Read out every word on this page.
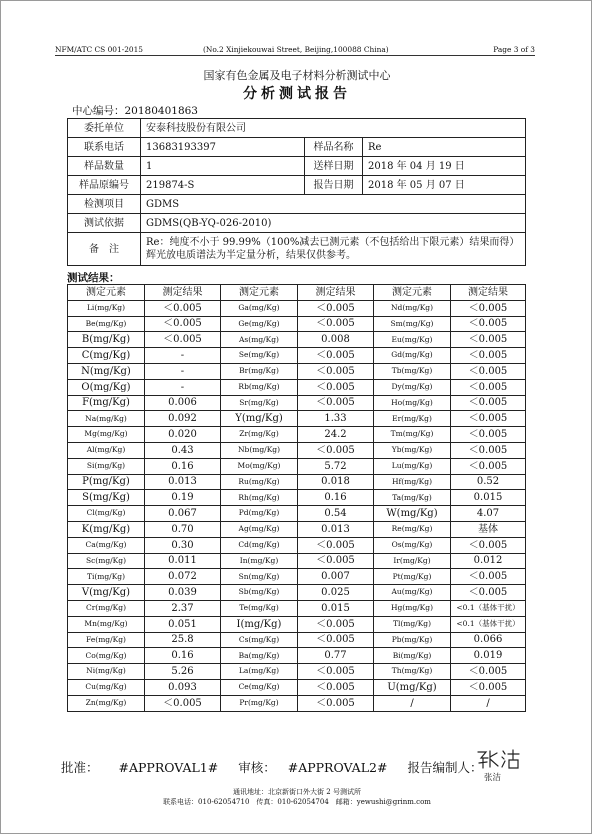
NFM/ATC CS 001-2015	(No.2 Xinjiekouwai Street, Beijing,100088 China)	Page 3 of 3
国家有色金属及电子材料分析测试中心
分析测试报告
中心编号：20180401863
委托单位	安泰科技股份有限公司		
联系电话	13683193397	样品名称	Re
样品数量	1	送样日期	2018 年 04 月 19 日
样品原编号	219874-S	报告日期	2018 年 05 月 07 日
检测项目	GDMS		
测试依据	GDMS(QB-YQ-026-2010)		
备　注	Re：纯度不小于 99.99%（100%减去已测元素（不包括给出下限元素）结果而得）　辉光放电质谱法为半定量分析，结果仅供参考。		
测试结果：
测定元素	测定结果	测定元素	测定结果	测定元素	测定结果
Li(mg/Kg)	＜0.005	Ga(mg/Kg)	＜0.005	Nd(mg/Kg)	＜0.005
Be(mg/Kg)	＜0.005	Ge(mg/Kg)	＜0.005	Sm(mg/Kg)	＜0.005
B(mg/Kg)	＜0.005	As(mg/Kg)	0.008	Eu(mg/Kg)	＜0.005
C(mg/Kg)	-	Se(mg/Kg)	＜0.005	Gd(mg/Kg)	＜0.005
N(mg/Kg)	-	Br(mg/Kg)	＜0.005	Tb(mg/Kg)	＜0.005
O(mg/Kg)	-	Rb(mg/Kg)	＜0.005	Dy(mg/Kg)	＜0.005
F(mg/Kg)	0.006	Sr(mg/Kg)	＜0.005	Ho(mg/Kg)	＜0.005
Na(mg/Kg)	0.092	Y(mg/Kg)	1.33	Er(mg/Kg)	＜0.005
Mg(mg/Kg)	0.020	Zr(mg/Kg)	24.2	Tm(mg/Kg)	＜0.005
Al(mg/Kg)	0.43	Nb(mg/Kg)	＜0.005	Yb(mg/Kg)	＜0.005
Si(mg/Kg)	0.16	Mo(mg/Kg)	5.72	Lu(mg/Kg)	＜0.005
P(mg/Kg)	0.013	Ru(mg/Kg)	0.018	Hf(mg/Kg)	0.52
S(mg/Kg)	0.19	Rh(mg/Kg)	0.16	Ta(mg/Kg)	0.015
Cl(mg/Kg)	0.067	Pd(mg/Kg)	0.54	W(mg/Kg)	4.07
K(mg/Kg)	0.70	Ag(mg/Kg)	0.013	Re(mg/Kg)	基体
Ca(mg/Kg)	0.30	Cd(mg/Kg)	＜0.005	Os(mg/Kg)	＜0.005
Sc(mg/Kg)	0.011	In(mg/Kg)	＜0.005	Ir(mg/Kg)	0.012
Ti(mg/Kg)	0.072	Sn(mg/Kg)	0.007	Pt(mg/Kg)	＜0.005
V(mg/Kg)	0.039	Sb(mg/Kg)	0.025	Au(mg/Kg)	＜0.005
Cr(mg/Kg)	2.37	Te(mg/Kg)	0.015	Hg(mg/Kg)	<0.1（基体干扰）
Mn(mg/Kg)	0.051	I(mg/Kg)	＜0.005	Tl(mg/Kg)	<0.1（基体干扰）
Fe(mg/Kg)	25.8	Cs(mg/Kg)	＜0.005	Pb(mg/Kg)	0.066
Co(mg/Kg)	0.16	Ba(mg/Kg)	0.77	Bi(mg/Kg)	0.019
Ni(mg/Kg)	5.26	La(mg/Kg)	＜0.005	Th(mg/Kg)	＜0.005
Cu(mg/Kg)	0.093	Ce(mg/Kg)	＜0.005	U(mg/Kg)	＜0.005
Zn(mg/Kg)	＜0.005	Pr(mg/Kg)	＜0.005	/	/
批准： #APPROVAL1# 审核： #APPROVAL2# 报告编制人：
张洁
通讯地址：北京新街口外大街 2 号测试所
联系电话：010-62054710　传真：010-62054704　邮箱：yewushi@grinm.com
